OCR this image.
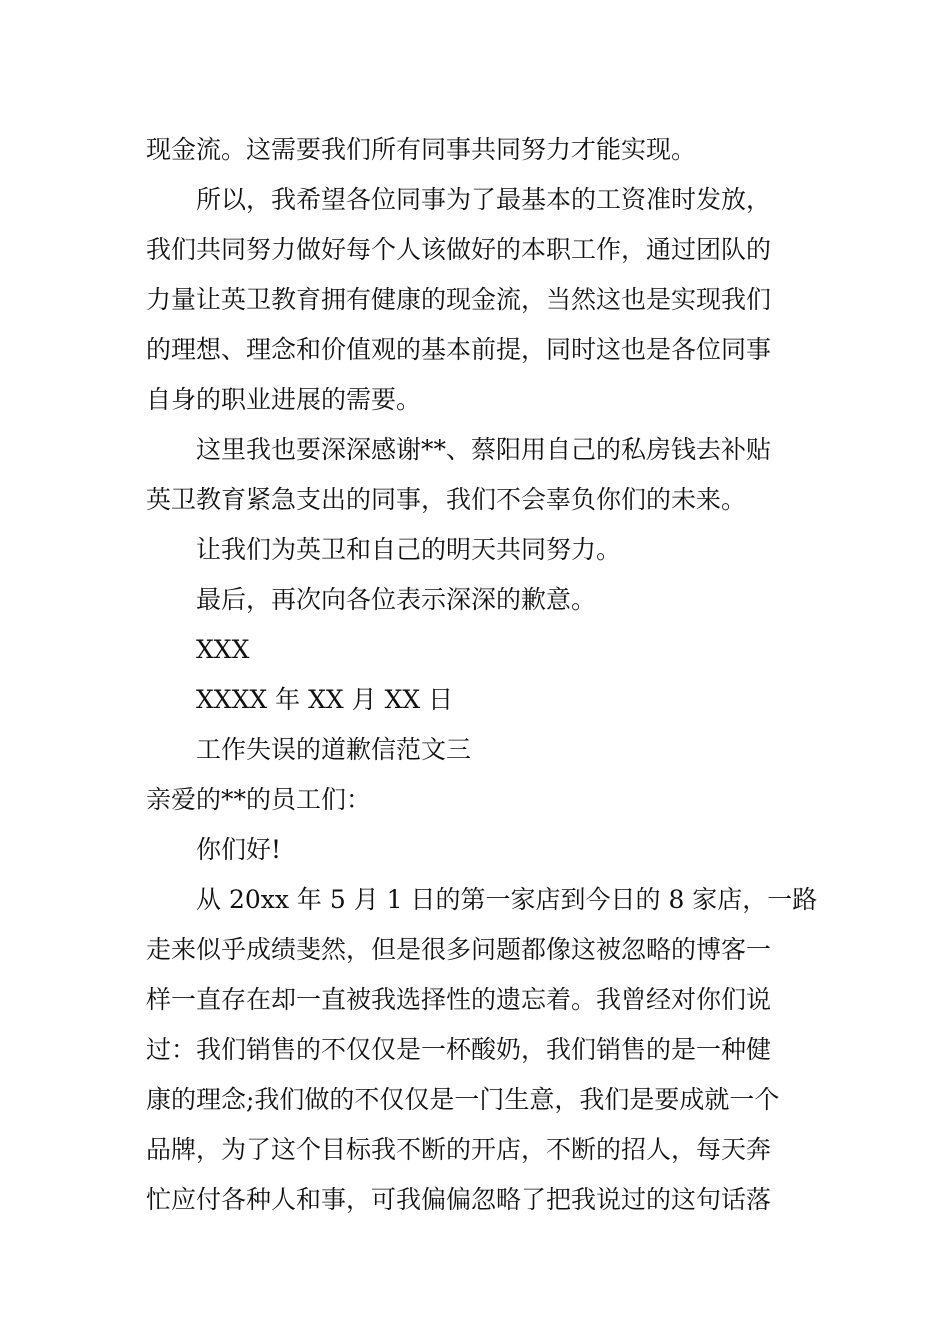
现金流。这需要我们所有同事共同努力才能实现。
所以，我希望各位同事为了最基本的工资准时发放，
我们共同努力做好每个人该做好的本职工作，通过团队的
力量让英卫教育拥有健康的现金流，当然这也是实现我们
的理想、理念和价值观的基本前提，同时这也是各位同事
自身的职业进展的需要。
这里我也要深深感谢**、蔡阳用自己的私房钱去补贴
英卫教育紧急支出的同事，我们不会辜负你们的未来。
让我们为英卫和自己的明天共同努力。
最后，再次向各位表示深深的歉意。
XXX
XXXX 年 XX 月 XX 日
工作失误的道歉信范文三
亲爱的**的员工们：
你们好!
从 20xx 年 5 月 1 日的第一家店到今日的 8 家店，一路
走来似乎成绩斐然，但是很多问题都像这被忽略的博客一
样一直存在却一直被我选择性的遗忘着。我曾经对你们说
过：我们销售的不仅仅是一杯酸奶，我们销售的是一种健
康的理念;我们做的不仅仅是一门生意，我们是要成就一个
品牌，为了这个目标我不断的开店，不断的招人，每天奔
忙应付各种人和事，可我偏偏忽略了把我说过的这句话落
